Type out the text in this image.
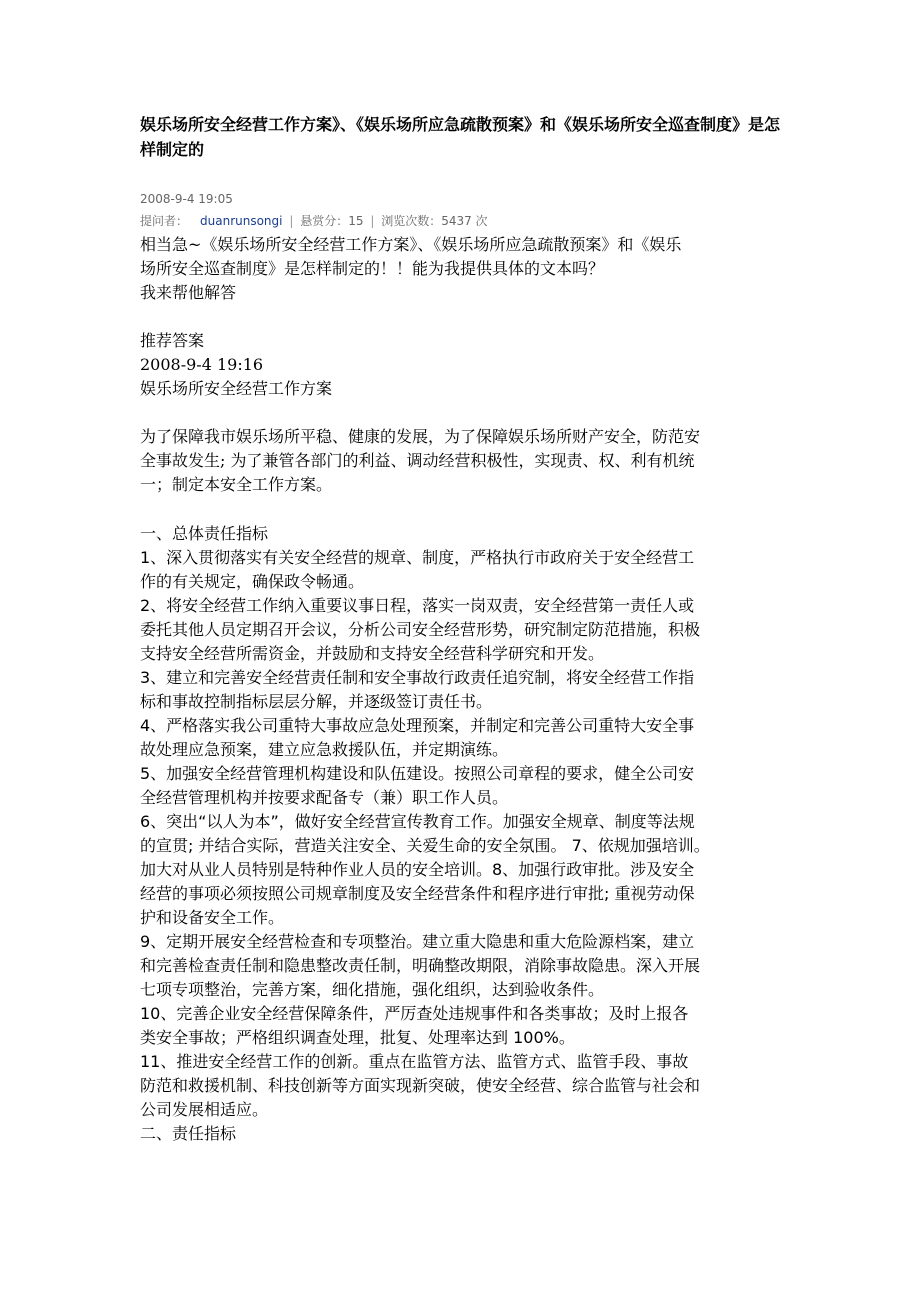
娱乐场所安全经营工作方案》、《娱乐场所应急疏散预案》和《娱乐场所安全巡查制度》是怎样制定的
2008-9-4 19:05
提问者： duanrunsongi | 悬赏分：15 | 浏览次数：5437 次

相当急~《娱乐场所安全经营工作方案》、《娱乐场所应急疏散预案》和《娱乐

场所安全巡查制度》是怎样制定的！！能为我提供具体的文本吗？

我来帮他解答

推荐答案

2008-9-4 19:16

娱乐场所安全经营工作方案

为了保障我市娱乐场所平稳、健康的发展，为了保障娱乐场所财产安全，防范安

全事故发生; 为了兼管各部门的利益、调动经营积极性，实现责、权、利有机统

一；制定本安全工作方案。

一、总体责任指标

1、深入贯彻落实有关安全经营的规章、制度，严格执行市政府关于安全经营工

作的有关规定，确保政令畅通。

2、将安全经营工作纳入重要议事日程，落实一岗双责，安全经营第一责任人或

委托其他人员定期召开会议，分析公司安全经营形势，研究制定防范措施，积极

支持安全经营所需资金，并鼓励和支持安全经营科学研究和开发。

3、建立和完善安全经营责任制和安全事故行政责任追究制，将安全经营工作指

标和事故控制指标层层分解，并逐级签订责任书。

4、严格落实我公司重特大事故应急处理预案，并制定和完善公司重特大安全事

故处理应急预案，建立应急救援队伍，并定期演练。

5、加强安全经营管理机构建设和队伍建设。按照公司章程的要求，健全公司安

全经营管理机构并按要求配备专（兼）职工作人员。

6、突出“以人为本”，做好安全经营宣传教育工作。加强安全规章、制度等法规

的宣贯; 并结合实际，营造关注安全、关爱生命的安全氛围。 7、依规加强培训。

加大对从业人员特别是特种作业人员的安全培训。8、加强行政审批。涉及安全

经营的事项必须按照公司规章制度及安全经营条件和程序进行审批; 重视劳动保

护和设备安全工作。

9、定期开展安全经营检查和专项整治。建立重大隐患和重大危险源档案，建立

和完善检查责任制和隐患整改责任制，明确整改期限，消除事故隐患。深入开展

七项专项整治，完善方案，细化措施，强化组织，达到验收条件。

10、完善企业安全经营保障条件，严厉查处违规事件和各类事故；及时上报各

类安全事故；严格组织调查处理，批复、处理率达到 100%。

11、推进安全经营工作的创新。重点在监管方法、监管方式、监管手段、事故

防范和救援机制、科技创新等方面实现新突破，使安全经营、综合监管与社会和

公司发展相适应。

二、责任指标
